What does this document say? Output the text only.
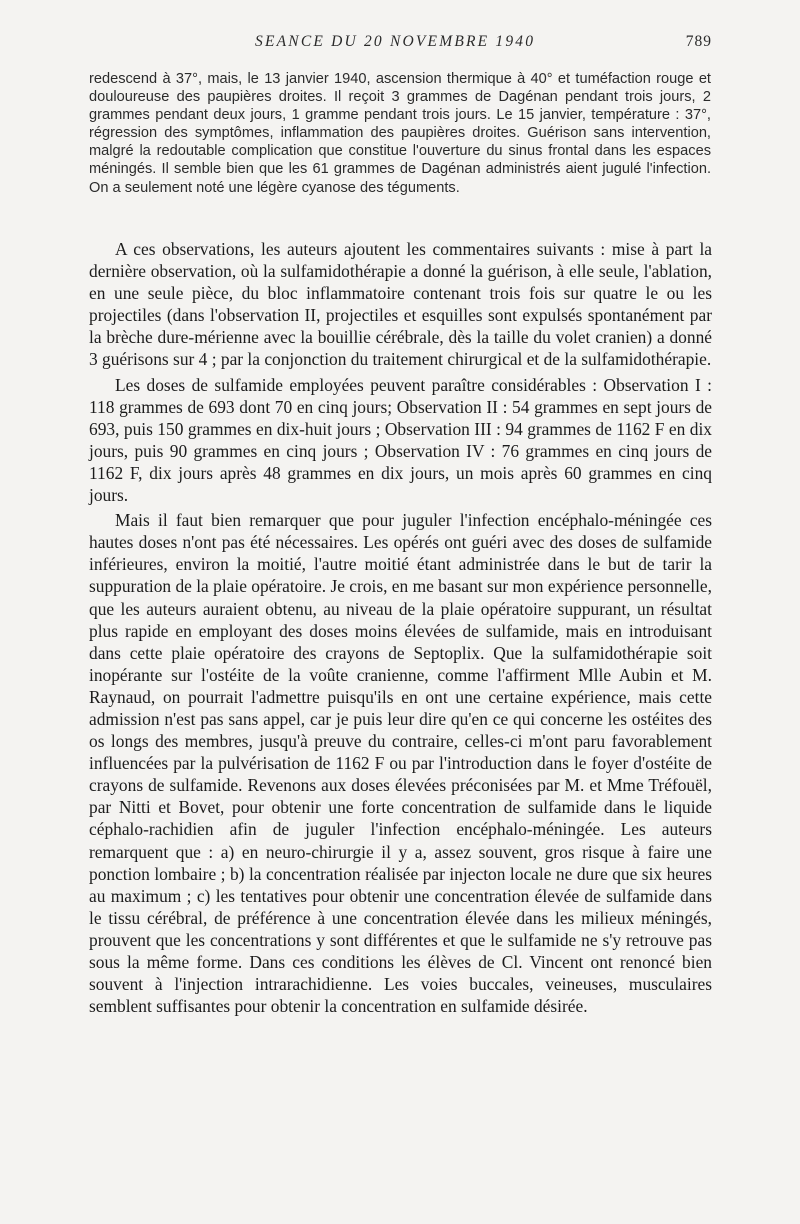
SEANCE DU 20 NOVEMBRE 1940	789

redescend à 37°, mais, le 13 janvier 1940, ascension thermique à 40° et tuméfaction rouge et douloureuse des paupières droites. Il reçoit 3 grammes de Dagénan pendant trois jours, 2 grammes pendant deux jours, 1 gramme pendant trois jours. Le 15 janvier, température : 37°, régression des symptômes, inflammation des paupières droites. Guérison sans intervention, malgré la redoutable complication que constitue l'ouverture du sinus frontal dans les espaces méningés. Il semble bien que les 61 grammes de Dagénan administrés aient jugulé l'infection. On a seulement noté une légère cyanose des téguments.

A ces observations, les auteurs ajoutent les commentaires suivants : mise à part la dernière observation, où la sulfamidothérapie a donné la guérison, à elle seule, l'ablation, en une seule pièce, du bloc inflammatoire contenant trois fois sur quatre le ou les projectiles (dans l'observation II, projectiles et esquilles sont expulsés spontanément par la brèche dure-mérienne avec la bouillie cérébrale, dès la taille du volet cranien) a donné 3 guérisons sur 4 ; par la conjonction du traitement chirurgical et de la sulfamidothérapie.

Les doses de sulfamide employées peuvent paraître considérables : Observation I : 118 grammes de 693 dont 70 en cinq jours; Observation II : 54 grammes en sept jours de 693, puis 150 grammes en dix-huit jours ; Observation III : 94 grammes de 1162 F en dix jours, puis 90 grammes en cinq jours ; Observation IV : 76 grammes en cinq jours de 1162 F, dix jours après 48 grammes en dix jours, un mois après 60 grammes en cinq jours.

Mais il faut bien remarquer que pour juguler l'infection encéphalo-méningée ces hautes doses n'ont pas été nécessaires. Les opérés ont guéri avec des doses de sulfamide inférieures, environ la moitié, l'autre moitié étant administrée dans le but de tarir la suppuration de la plaie opératoire. Je crois, en me basant sur mon expérience personnelle, que les auteurs auraient obtenu, au niveau de la plaie opératoire suppurant, un résultat plus rapide en employant des doses moins élevées de sulfamide, mais en introduisant dans cette plaie opératoire des crayons de Septoplix. Que la sulfamidothérapie soit inopérante sur l'ostéite de la voûte cranienne, comme l'affirment Mlle Aubin et M. Raynaud, on pourrait l'admettre puisqu'ils en ont une certaine expérience, mais cette admission n'est pas sans appel, car je puis leur dire qu'en ce qui concerne les ostéites des os longs des membres, jusqu'à preuve du contraire, celles-ci m'ont paru favorablement influencées par la pulvérisation de 1162 F ou par l'introduction dans le foyer d'ostéite de crayons de sulfamide. Revenons aux doses élevées préconisées par M. et Mme Tréfouël, par Nitti et Bovet, pour obtenir une forte concentration de sulfamide dans le liquide céphalo-rachidien afin de juguler l'infection encéphalo-méningée. Les auteurs remarquent que : a) en neuro-chirurgie il y a, assez souvent, gros risque à faire une ponction lombaire ; b) la concentration réalisée par injecton locale ne dure que six heures au maximum ; c) les tentatives pour obtenir une concentration élevée de sulfamide dans le tissu cérébral, de préférence à une concentration élevée dans les milieux méningés, prouvent que les concentrations y sont différentes et que le sulfamide ne s'y retrouve pas sous la même forme. Dans ces conditions les élèves de Cl. Vincent ont renoncé bien souvent à l'injection intrarachidienne. Les voies buccales, veineuses, musculaires semblent suffisantes pour obtenir la concentration en sulfamide désirée.
